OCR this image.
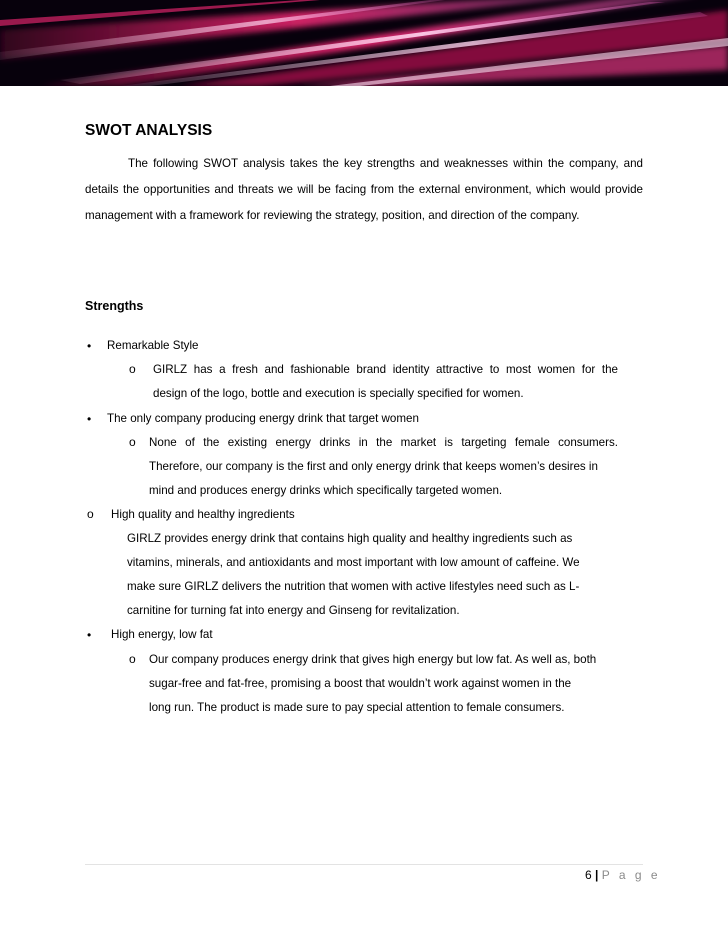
SWOT ANALYSIS

The following SWOT analysis takes the key strengths and weaknesses within the company, and details the opportunities and threats we will be facing from the external environment, which would provide management with a framework for reviewing the strategy, position, and direction of the company.

Strengths
• Remarkable Style
o GIRLZ has a fresh and fashionable brand identity attractive to most women for the
design of the logo, bottle and execution is specially specified for women.
• The only company producing energy drink that target women
o None of the existing energy drinks in the market is targeting female consumers.
Therefore, our company is the first and only energy drink that keeps women’s desires in
mind and produces energy drinks which specifically targeted women.
o High quality and healthy ingredients
GIRLZ provides energy drink that contains high quality and healthy ingredients such as
vitamins, minerals, and antioxidants and most important with low amount of caffeine. We
make sure GIRLZ delivers the nutrition that women with active lifestyles need such as L-
carnitine for turning fat into energy and Ginseng for revitalization.
• High energy, low fat
o Our company produces energy drink that gives high energy but low fat. As well as, both
sugar-free and fat-free, promising a boost that wouldn’t work against women in the
long run. The product is made sure to pay special attention to female consumers.
6 | P a g e
